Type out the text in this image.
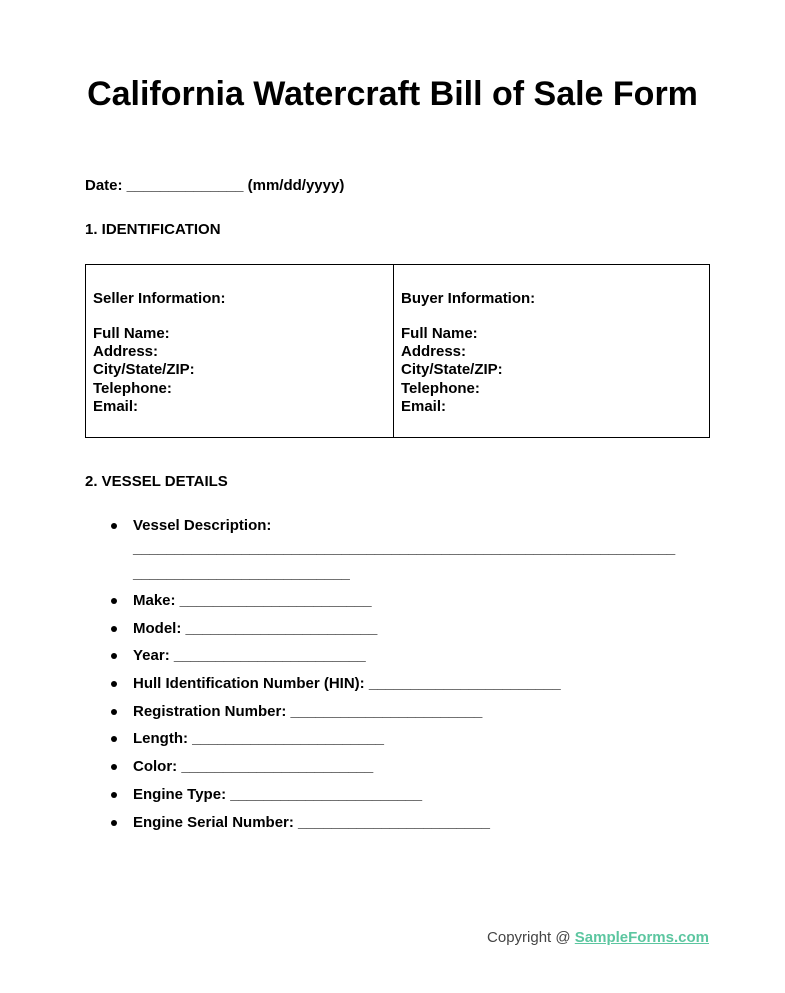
California Watercraft Bill of Sale Form
Date: ______________ (mm/dd/yyyy)
1. IDENTIFICATION
Seller Information:
Full Name:
Address:
City/State/ZIP:
Telephone:
Email:
Buyer Information:
Full Name:
Address:
City/State/ZIP:
Telephone:
Email:
2. VESSEL DETAILS
Vessel Description:
_________________________________________________________________
__________________________
Make: _______________________
Model: _______________________
Year: _______________________
Hull Identification Number (HIN): _______________________
Registration Number: _______________________
Length: _______________________
Color: _______________________
Engine Type: _______________________
Engine Serial Number: _______________________
Copyright @ SampleForms.com
